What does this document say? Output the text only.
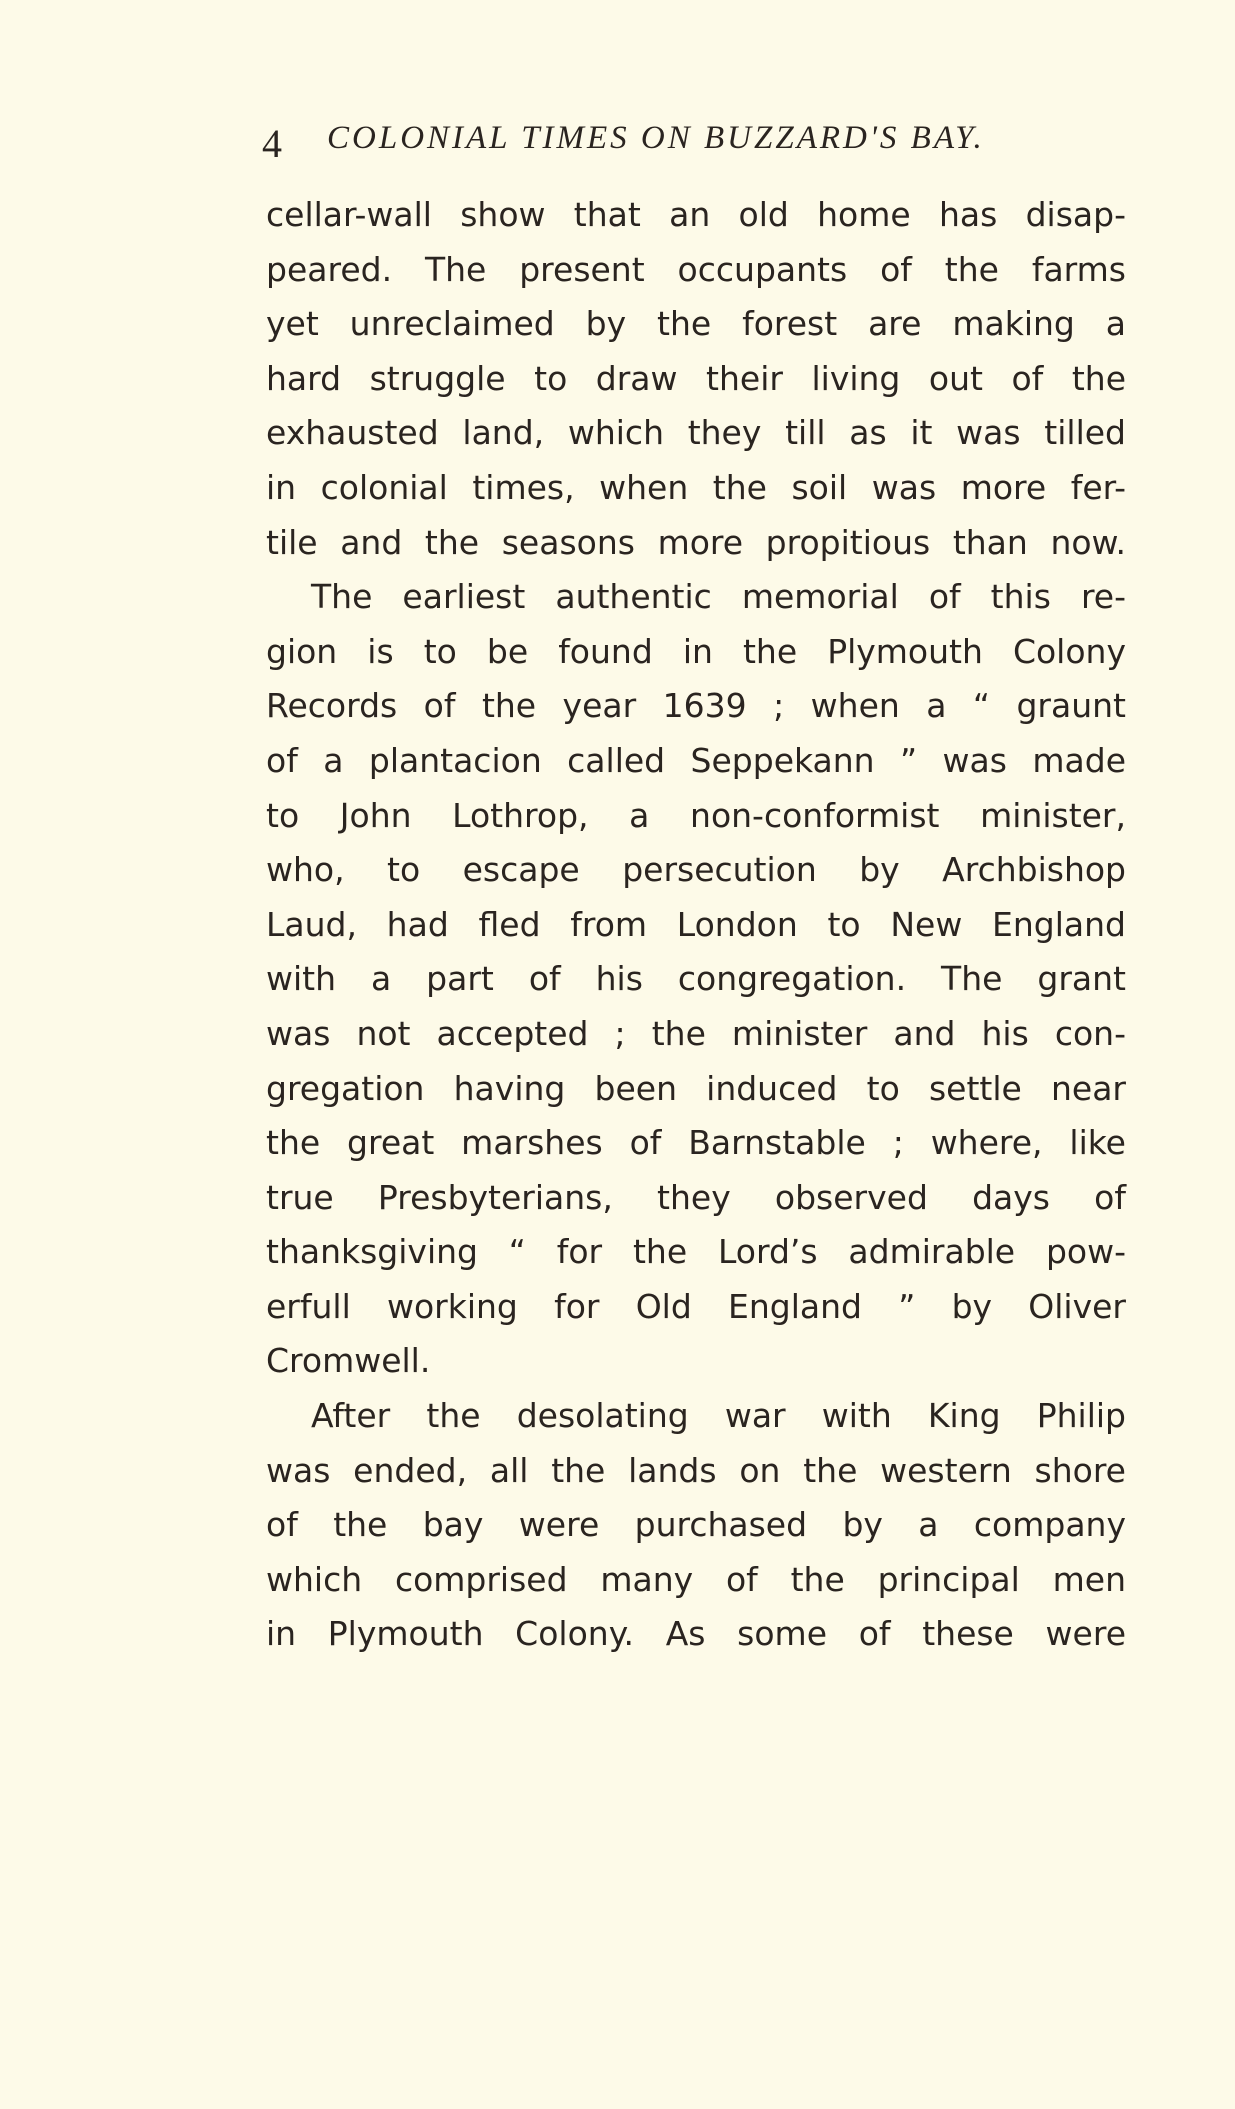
4 COLONIAL TIMES ON BUZZARD'S BAY.
cellar-wall show that an old home has disap-
peared. The present occupants of the farms
yet unreclaimed by the forest are making a
hard struggle to draw their living out of the
exhausted land, which they till as it was tilled
in colonial times, when the soil was more fer-
tile and the seasons more propitious than now.
The earliest authentic memorial of this re-
gion is to be found in the Plymouth Colony
Records of the year 1639 ; when a “ graunt
of a plantacion called Seppekann ” was made
to John Lothrop, a non-conformist minister,
who, to escape persecution by Archbishop
Laud, had fled from London to New England
with a part of his congregation. The grant
was not accepted ; the minister and his con-
gregation having been induced to settle near
the great marshes of Barnstable ; where, like
true Presbyterians, they observed days of
thanksgiving “ for the Lord’s admirable pow-
erfull working for Old England ” by Oliver
Cromwell.
After the desolating war with King Philip
was ended, all the lands on the western shore
of the bay were purchased by a company
which comprised many of the principal men
in Plymouth Colony. As some of these were
